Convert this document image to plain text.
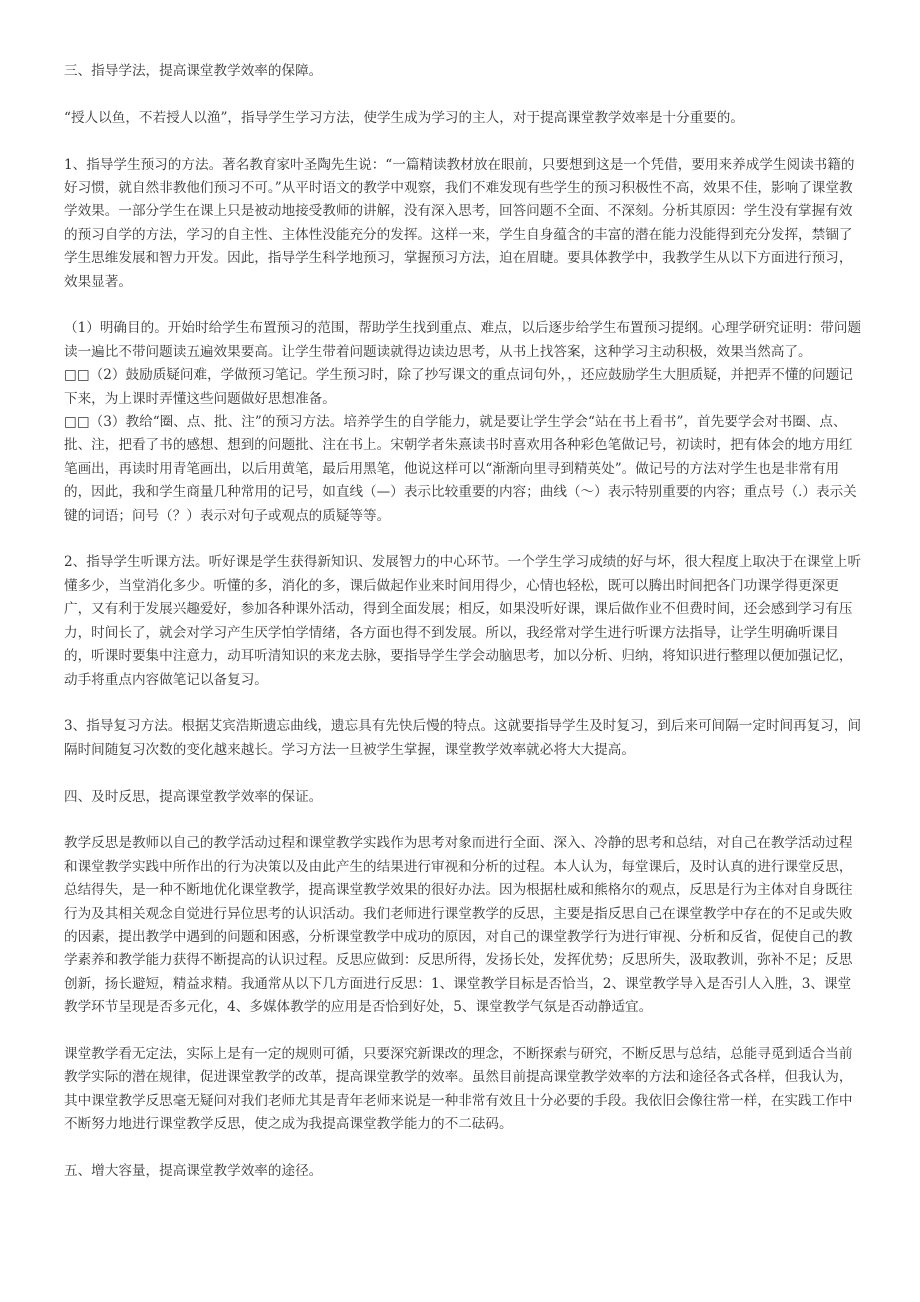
三、指导学法，提高课堂教学效率的保障。

“授人以鱼，不若授人以渔”，指导学生学习方法，使学生成为学习的主人，对于提高课堂教学效率是十分重要的。

1、指导学生预习的方法。著名教育家叶圣陶先生说：“一篇精读教材放在眼前，只要想到这是一个凭借，要用来养成学生阅读书籍的好习惯，就自然非教他们预习不可。”从平时语文的教学中观察，我们不难发现有些学生的预习积极性不高，效果不佳，影响了课堂教学效果。一部分学生在课上只是被动地接受教师的讲解，没有深入思考，回答问题不全面、不深刻。分析其原因：学生没有掌握有效的预习自学的方法，学习的自主性、主体性没能充分的发挥。这样一来，学生自身蕴含的丰富的潜在能力没能得到充分发挥，禁锢了学生思维发展和智力开发。因此，指导学生科学地预习，掌握预习方法，迫在眉睫。要具体教学中，我教学生从以下方面进行预习，效果显著。

（1）明确目的。开始时给学生布置预习的范围，帮助学生找到重点、难点，以后逐步给学生布置预习提纲。心理学研究证明：带问题读一遍比不带问题读五遍效果要高。让学生带着问题读就得边读边思考，从书上找答案，这种学习主动积极，效果当然高了。

□□（2）鼓励质疑问难，学做预习笔记。学生预习时，除了抄写课文的重点词句外，，还应鼓励学生大胆质疑，并把弄不懂的问题记下来，为上课时弄懂这些问题做好思想准备。

□□（3）教给“圈、点、批、注”的预习方法。培养学生的自学能力，就是要让学生学会“站在书上看书”，首先要学会对书圈、点、批、注，把看了书的感想、想到的问题批、注在书上。宋朝学者朱熹读书时喜欢用各种彩色笔做记号，初读时，把有体会的地方用红笔画出，再读时用青笔画出，以后用黄笔，最后用黑笔，他说这样可以“渐渐向里寻到精英处”。做记号的方法对学生也是非常有用的，因此，我和学生商量几种常用的记号，如直线（—）表示比较重要的内容；曲线（～）表示特别重要的内容；重点号（.）表示关键的词语；问号（？）表示对句子或观点的质疑等等。

2、指导学生听课方法。听好课是学生获得新知识、发展智力的中心环节。一个学生学习成绩的好与坏，很大程度上取决于在课堂上听懂多少，当堂消化多少。听懂的多，消化的多，课后做起作业来时间用得少，心情也轻松，既可以腾出时间把各门功课学得更深更广，又有利于发展兴趣爱好，参加各种课外活动，得到全面发展；相反，如果没听好课，课后做作业不但费时间，还会感到学习有压力，时间长了，就会对学习产生厌学怕学情绪，各方面也得不到发展。所以，我经常对学生进行听课方法指导，让学生明确听课目的，听课时要集中注意力，动耳听清知识的来龙去脉，要指导学生学会动脑思考，加以分析、归纳，将知识进行整理以便加强记忆，动手将重点内容做笔记以备复习。

3、指导复习方法。根据艾宾浩斯遗忘曲线，遗忘具有先快后慢的特点。这就要指导学生及时复习，到后来可间隔一定时间再复习，间隔时间随复习次数的变化越来越长。学习方法一旦被学生掌握，课堂教学效率就必将大大提高。

四、及时反思，提高课堂教学效率的保证。

教学反思是教师以自己的教学活动过程和课堂教学实践作为思考对象而进行全面、深入、冷静的思考和总结，对自己在教学活动过程和课堂教学实践中所作出的行为决策以及由此产生的结果进行审视和分析的过程。本人认为，每堂课后，及时认真的进行课堂反思，总结得失，是一种不断地优化课堂教学，提高课堂教学效果的很好办法。因为根据杜威和熊格尔的观点，反思是行为主体对自身既往行为及其相关观念自觉进行异位思考的认识活动。我们老师进行课堂教学的反思，主要是指反思自己在课堂教学中存在的不足或失败的因素，提出教学中遇到的问题和困惑，分析课堂教学中成功的原因，对自己的课堂教学行为进行审视、分析和反省，促使自己的教学素养和教学能力获得不断提高的认识过程。反思应做到：反思所得，发扬长处，发挥优势；反思所失，汲取教训，弥补不足；反思创新，扬长避短，精益求精。我通常从以下几方面进行反思：1、课堂教学目标是否恰当，2、课堂教学导入是否引人入胜，3、课堂教学环节呈现是否多元化，4、多媒体教学的应用是否恰到好处，5、课堂教学气氛是否动静适宜。

课堂教学看无定法，实际上是有一定的规则可循，只要深究新课改的理念，不断探索与研究，不断反思与总结，总能寻觅到适合当前教学实际的潜在规律，促进课堂教学的改革，提高课堂教学的效率。虽然目前提高课堂教学效率的方法和途径各式各样，但我认为，其中课堂教学反思毫无疑问对我们老师尤其是青年老师来说是一种非常有效且十分必要的手段。我依旧会像往常一样，在实践工作中不断努力地进行课堂教学反思，使之成为我提高课堂教学能力的不二砝码。

五、增大容量，提高课堂教学效率的途径。
